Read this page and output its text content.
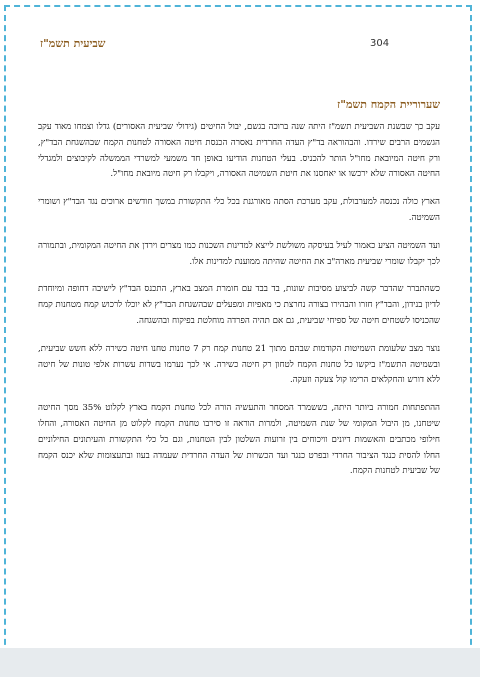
304
שביעית תשמ"ז
שערוריית הקמח תשמ"ז

עקב כך שבשנת השביעית תשמ"ז היתה שנה ברוכה בגשם, יבול החיטים (גידולי שביעית האסורים) גדלו וצמחו מאוד עקב הגשמים הרבים שירדו. והבהוראה בד"ץ העדה החרדית נאסרה הכנסת חיטה האסורה לטחנות הקמח שבהשגחת הבד"ץ, ורק חיטה המיובאת מחו"ל הותר להכניס. בעלי הטחנות הודיעו באופן חד משמעי למשרדי הממשלה לקיבוצים ולמגדלי החיטה האסורה שלא ירכשו או יאחסנו את חיטת השמיטה האסורה, ויקבלו רק חיטה מיובאת מחו"ל.

הארץ כולה נכנסה למערבולת, עקב מערכת הסתה מאורגנת בכל כלי התקשורת במשך חודשים ארוכים נגד הבד"ץ ושומרי השמיטה.

ועד השמיטה הציע כאמור לעיל בעיסקה משולשת לייצא למדינות השכנות כמו מצרים וירדן את החיטה המקומית, ובתמורה לכך יקבלו שומרי שביעית מארה"ב את החיטה שהיתה ממוענת למדינות אלו.

כשהתברר שהדבר קשה לביצוע מסיבות שונות, בד בבד עם חומרת המצב בארץ, התכנס הבד"ץ לישיבה דחופה ומיוחדת לדיון בנידון, והבד"ץ חזרו והבהירו בצורה נחרצת כי מאפיות ומפעלים שבהשגחת הבד"ץ לא יוכלו לרכוש קמח מטחנות קמח שהכניסו לשטחים חיטה של ספיחי שביעית, גם אם תהיה הפרדה מוחלטת בפיקוח ובהשגחה.

נוצר מצב שלעומת השמיטות הקודמות שבהם מתוך 21 טחנות קמח רק 7 טחנות טחנו חיטה כשירה ללא חשש שביעית, ובשמיטה התשמ"ז ביקשו כל טחנות הקמח לטחון רק חיטה כשירה. אי לכך נערמו בשדות עשרות אלפי טונות של חיטה ללא דורש והחקלאים הרימו קול צעקה וזעקה.

ההתפתחות חמורה ביותר היתה, כששמרד המסחר והתעשיה הורה לכל טחנות הקמח בארץ לקלוט 35% מסך החיטה שיטחנו, מן היבול המקומי של שנת השמיטה, ולמרות הוראה זו סירבו טחנות הקמח לקלוט מן החיטה האסורה, והחלו חילופי מכתבים והאשמות דיונים וויכוחים בין זרועות השלטון לבין הטחנות, וגם כל כלי התקשורת והעיתונים החילוניים החלו להסית כנגד הציבור החרדי ובפרט כנגד ועד הכשרות של העדה החרדית שעמדה בעוז ובתעצומות שלא יכנס הקמח של שביעית לטחנות הקמח.
